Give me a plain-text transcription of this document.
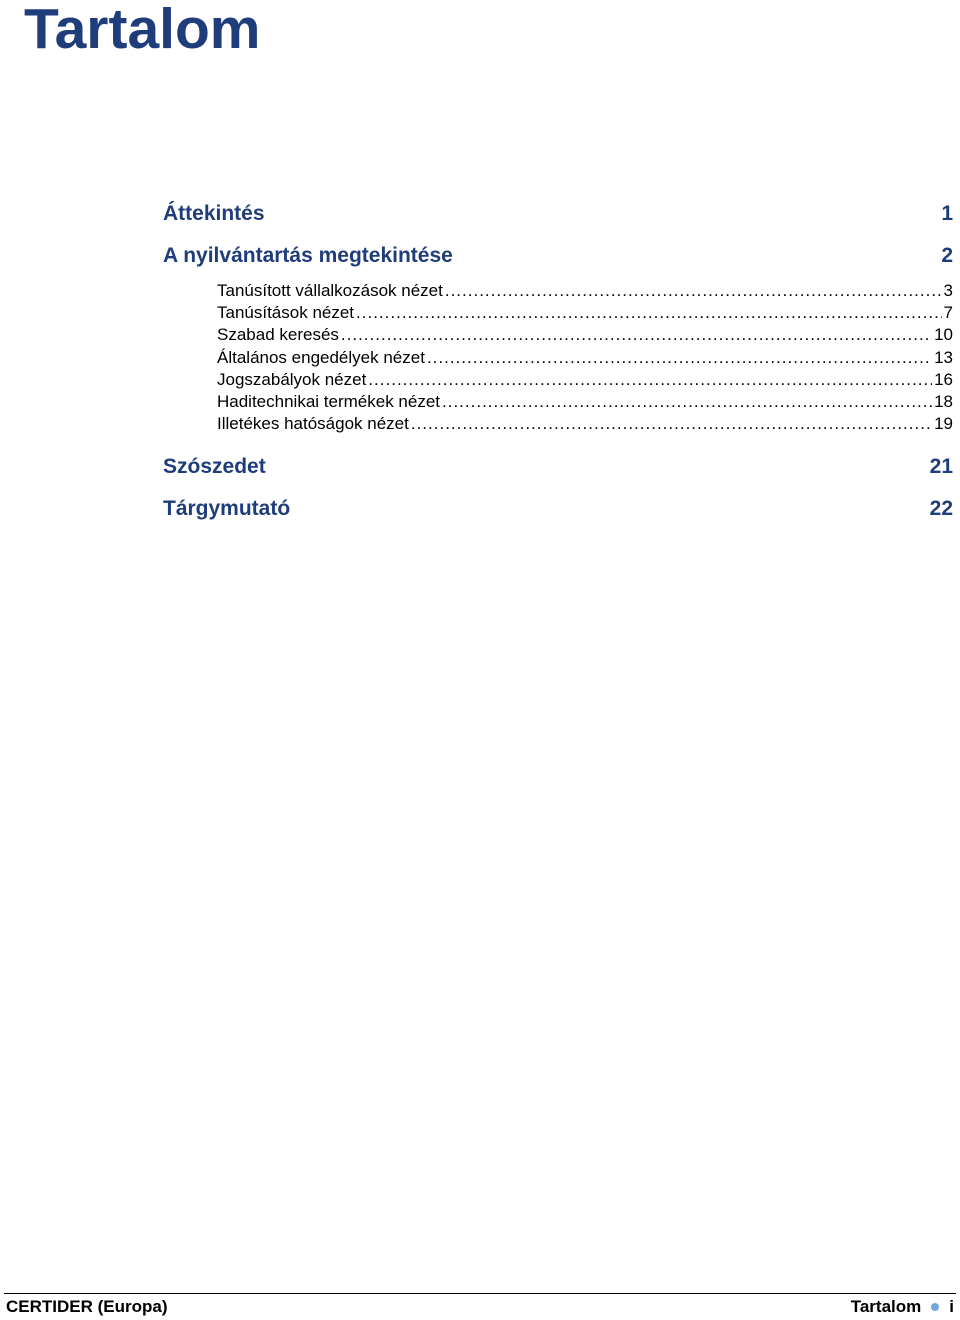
Tartalom
Áttekintés	1
A nyilvántartás megtekintése	2
Tanúsított vállalkozások nézet .....	3
Tanúsítások nézet .....	7
Szabad keresés .....	10
Általános engedélyek nézet .....	13
Jogszabályok nézet .....	16
Haditechnikai termékek nézet .....	18
Illetékes hatóságok nézet .....	19
Szószedet	21
Tárgymutató	22
CERTIDER (Europa)	Tartalom i
